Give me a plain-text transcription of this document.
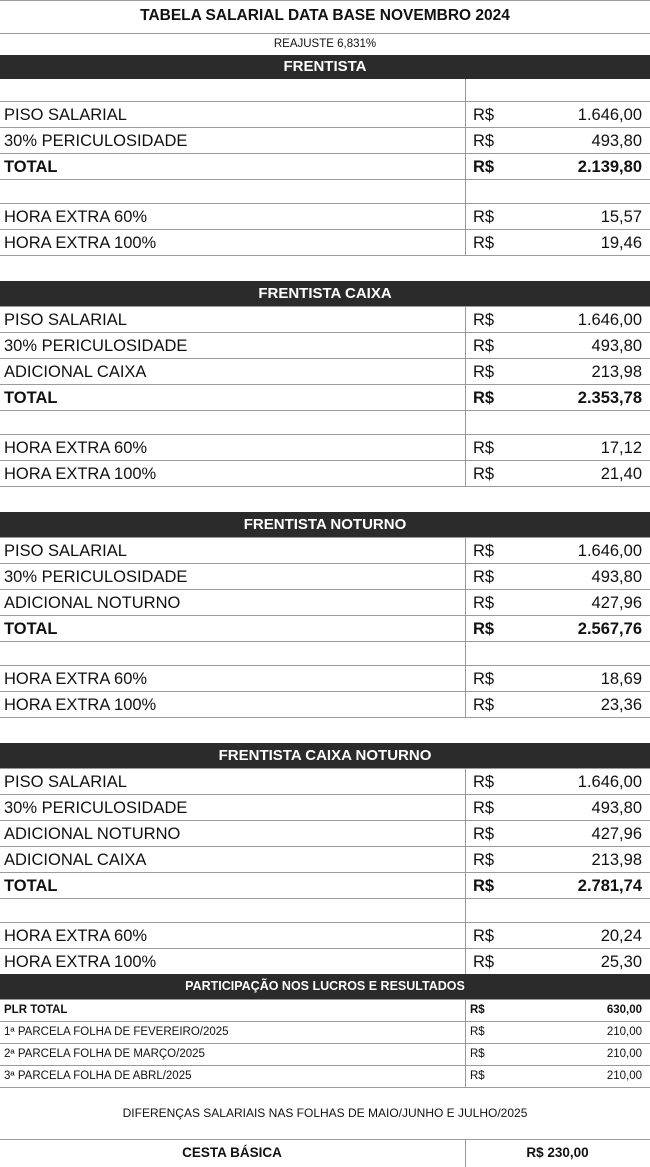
TABELA SALARIAL DATA BASE NOVEMBRO 2024
REAJUSTE 6,831%
FRENTISTA
PISO SALARIAL	R$	1.646,00
30% PERICULOSIDADE	R$	493,80
TOTAL	R$	2.139,80
HORA EXTRA 60%	R$	15,57
HORA EXTRA 100%	R$	19,46
FRENTISTA CAIXA
PISO SALARIAL	R$	1.646,00
30% PERICULOSIDADE	R$	493,80
ADICIONAL CAIXA	R$	213,98
TOTAL	R$	2.353,78
HORA EXTRA 60%	R$	17,12
HORA EXTRA 100%	R$	21,40
FRENTISTA NOTURNO
PISO SALARIAL	R$	1.646,00
30% PERICULOSIDADE	R$	493,80
ADICIONAL NOTURNO	R$	427,96
TOTAL	R$	2.567,76
HORA EXTRA 60%	R$	18,69
HORA EXTRA 100%	R$	23,36
FRENTISTA CAIXA NOTURNO
PISO SALARIAL	R$	1.646,00
30% PERICULOSIDADE	R$	493,80
ADICIONAL NOTURNO	R$	427,96
ADICIONAL CAIXA	R$	213,98
TOTAL	R$	2.781,74
HORA EXTRA 60%	R$	20,24
HORA EXTRA 100%	R$	25,30
PARTICIPAÇÃO NOS LUCROS E RESULTADOS
PLR TOTAL	R$	630,00
1ª PARCELA FOLHA DE FEVEREIRO/2025	R$	210,00
2ª PARCELA FOLHA DE MARÇO/2025	R$	210,00
3ª PARCELA FOLHA DE ABRL/2025	R$	210,00
DIFERENÇAS SALARIAIS NAS FOLHAS DE MAIO/JUNHO E JULHO/2025
CESTA BÁSICA	R$ 230,00
